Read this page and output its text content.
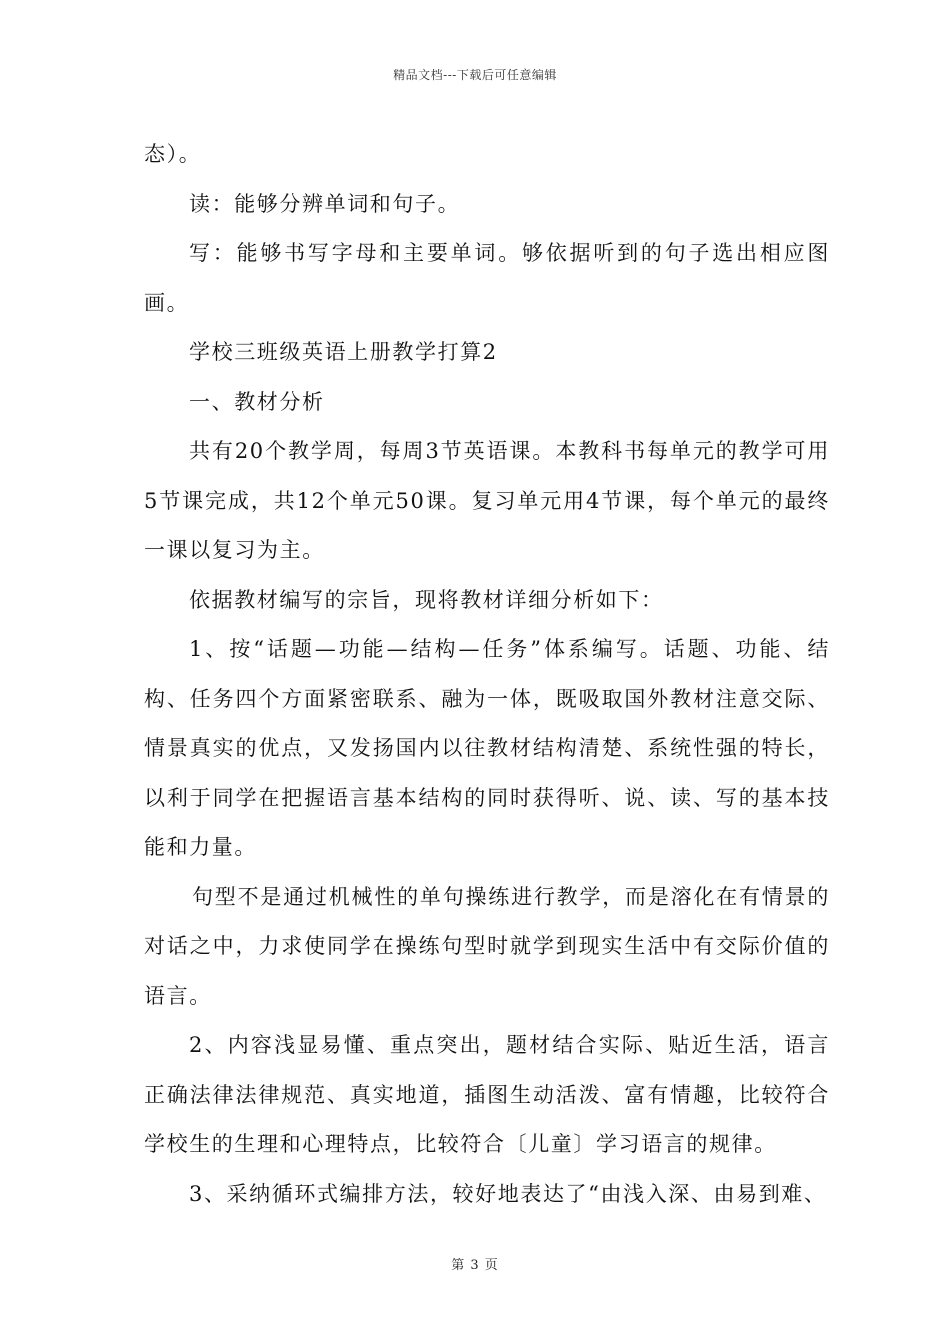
精品文档---下载后可任意编辑

态）。

读：能够分辨单词和句子。

写：能够书写字母和主要单词。够依据听到的句子选出相应图画。

学校三班级英语上册教学打算2

一、教材分析

共有20个教学周，每周3节英语课。本教科书每单元的教学可用5节课完成，共12个单元50课。复习单元用4节课，每个单元的最终一课以复习为主。

依据教材编写的宗旨，现将教材详细分析如下：

1、按“话题—功能—结构—任务”体系编写。话题、功能、结构、任务四个方面紧密联系、融为一体，既吸取国外教材注意交际、情景真实的优点，又发扬国内以往教材结构清楚、系统性强的特长，以利于同学在把握语言基本结构的同时获得听、说、读、写的基本技能和力量。

句型不是通过机械性的单句操练进行教学，而是溶化在有情景的对话之中，力求使同学在操练句型时就学到现实生活中有交际价值的语言。

2、内容浅显易懂、重点突出，题材结合实际、贴近生活，语言正确法律法律规范、真实地道，插图生动活泼、富有情趣，比较符合学校生的生理和心理特点，比较符合〔儿童〕学习语言的规律。

3、采纳循环式编排方法，较好地表达了“由浅入深、由易到难、

第 3 页
